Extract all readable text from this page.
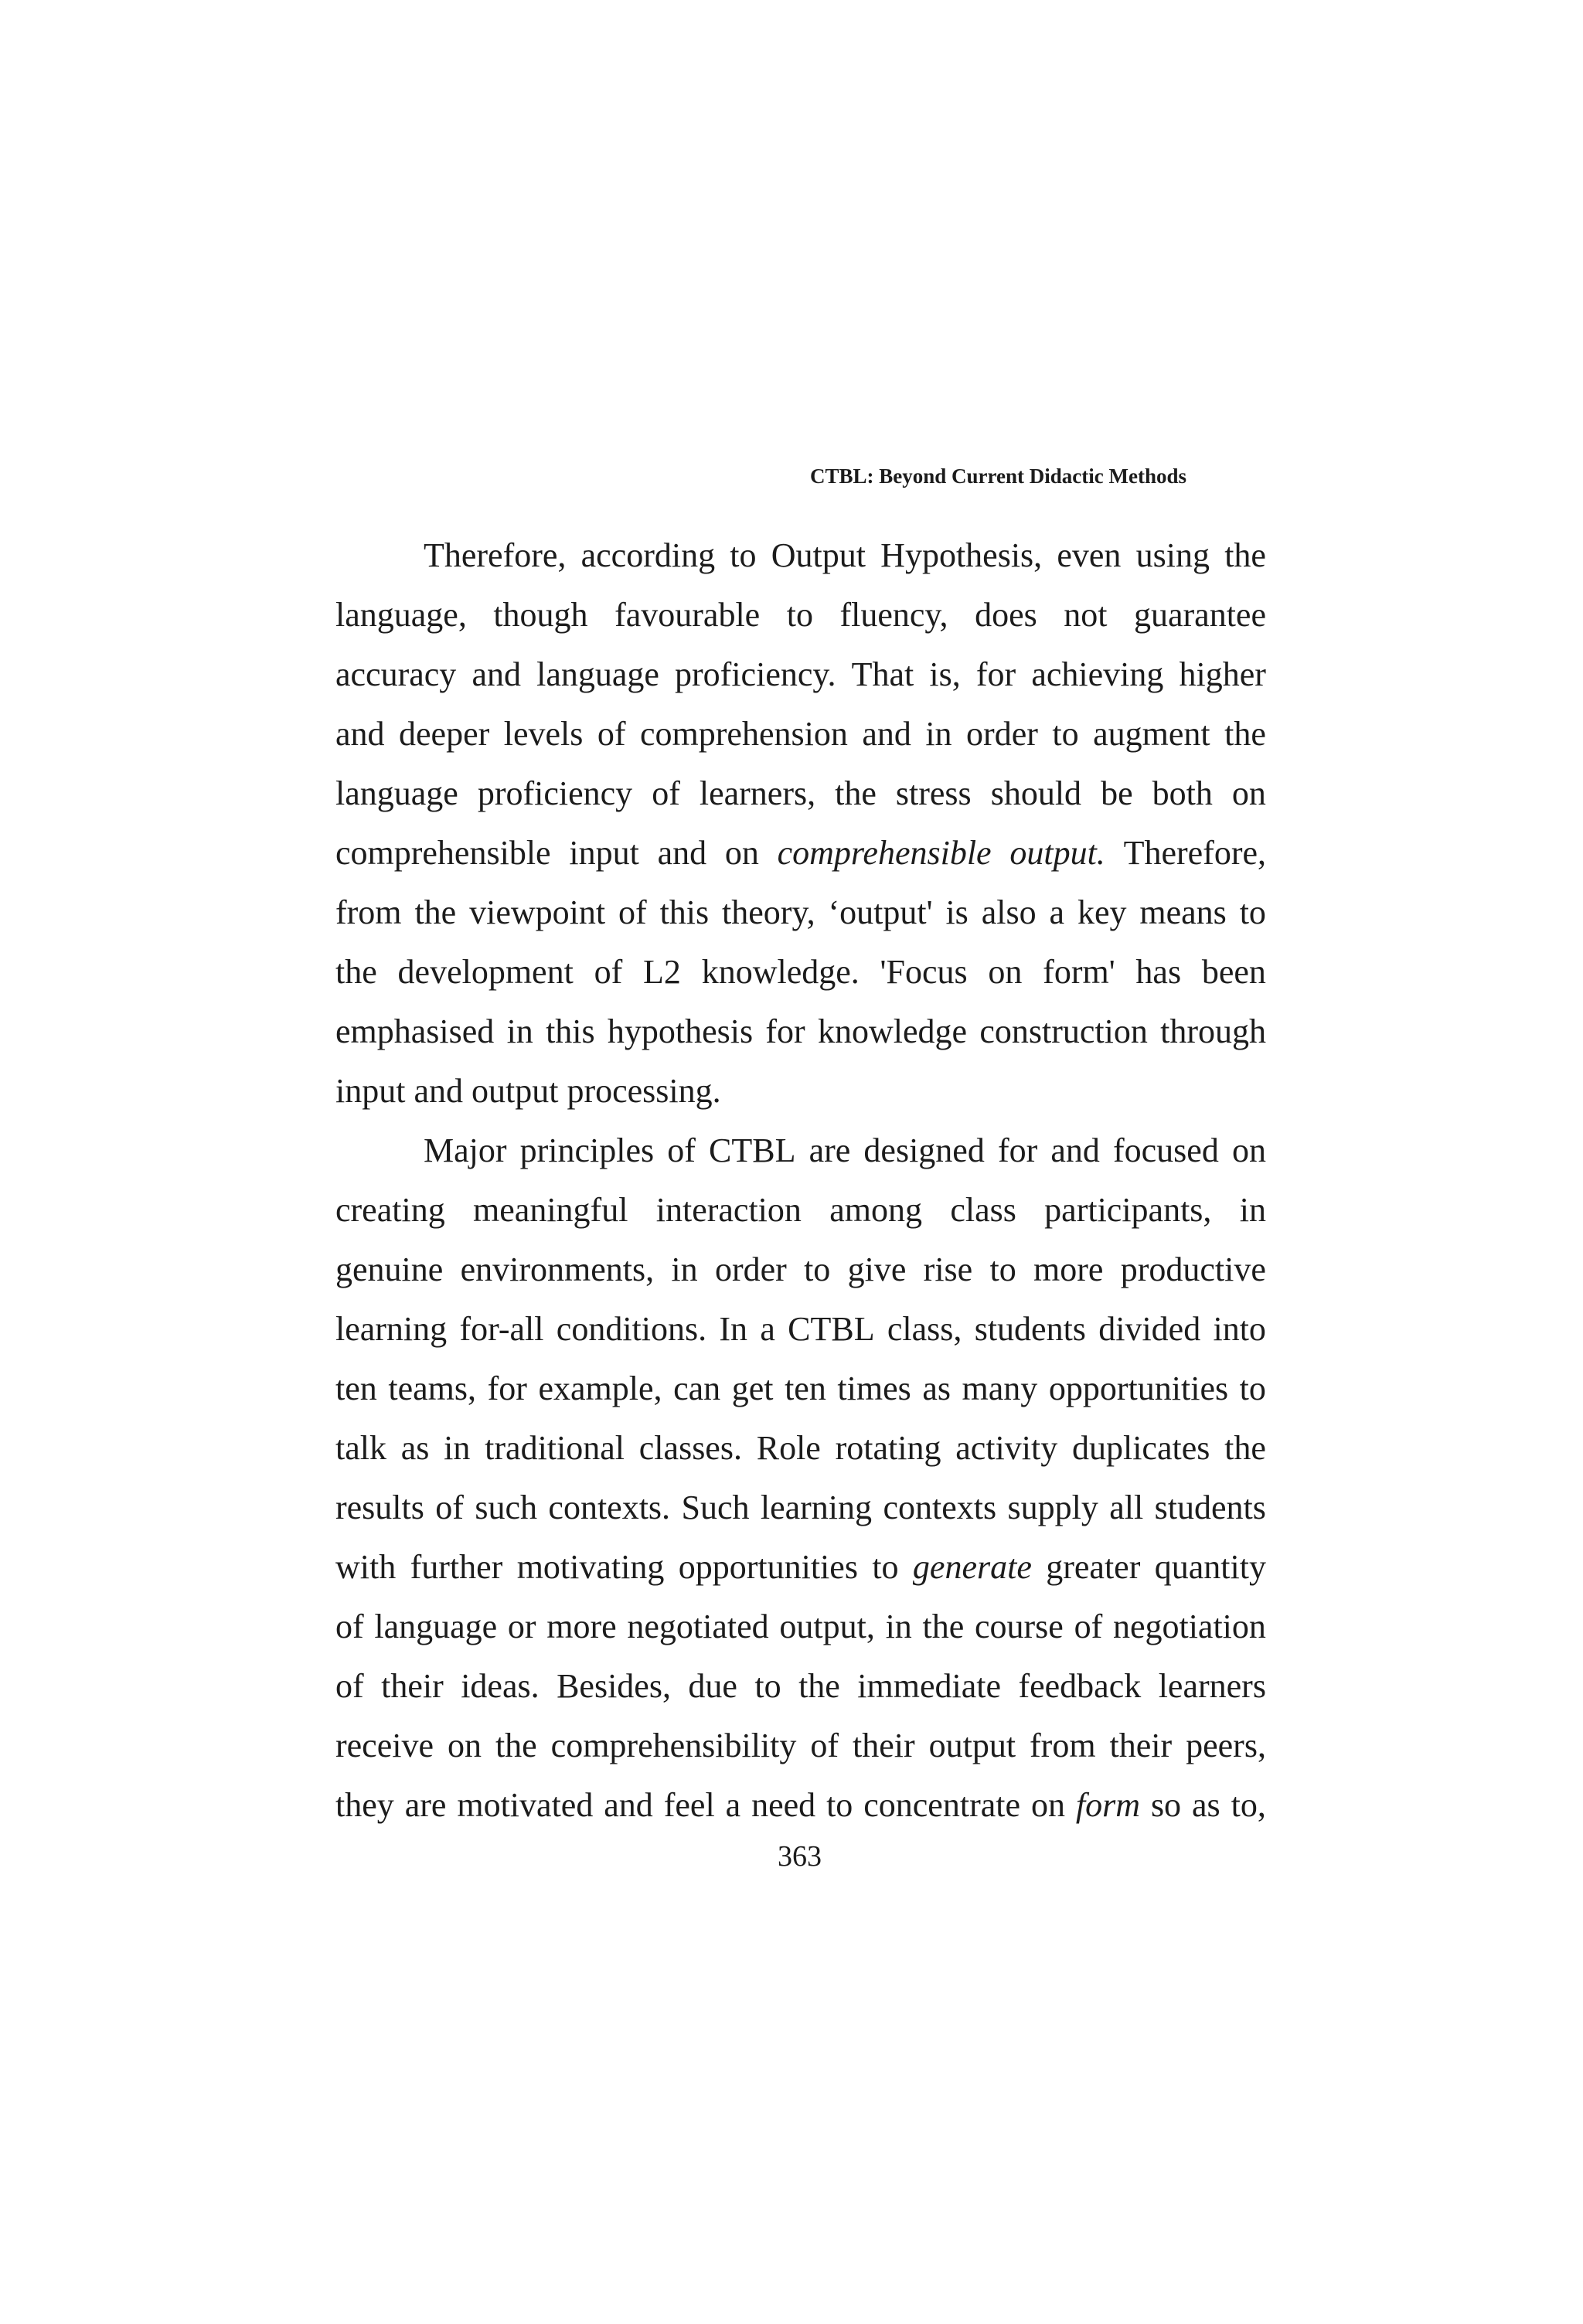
CTBL: Beyond Current Didactic Methods
Therefore, according to Output Hypothesis, even using the
language, though favourable to fluency, does not guarantee
accuracy and language proficiency. That is, for achieving higher
and deeper levels of comprehension and in order to augment the
language proficiency of learners, the stress should be both on
comprehensible input and on comprehensible output. Therefore,
from the viewpoint of this theory, ‘output' is also a key means to
the development of L2 knowledge. 'Focus on form' has been
emphasised in this hypothesis for knowledge construction through
input and output processing.
Major principles of CTBL are designed for and focused on
creating meaningful interaction among class participants, in
genuine environments, in order to give rise to more productive
learning for-all conditions. In a CTBL class, students divided into
ten teams, for example, can get ten times as many opportunities to
talk as in traditional classes. Role rotating activity duplicates the
results of such contexts. Such learning contexts supply all students
with further motivating opportunities to generate greater quantity
of language or more negotiated output, in the course of negotiation
of their ideas. Besides, due to the immediate feedback learners
receive on the comprehensibility of their output from their peers,
they are motivated and feel a need to concentrate on form so as to,
363
